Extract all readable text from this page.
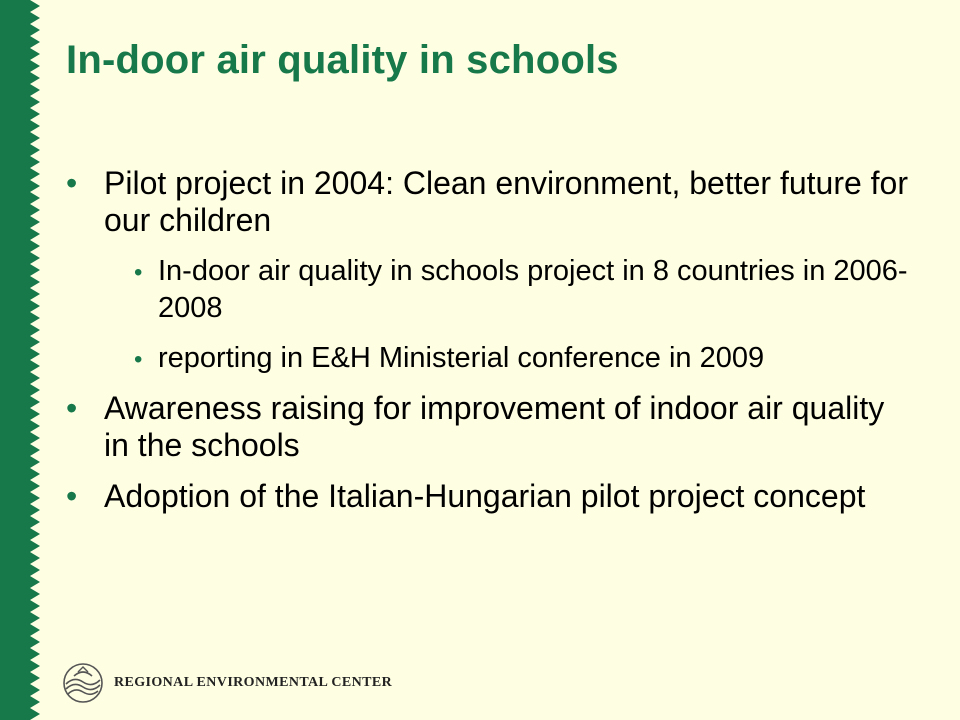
In-door air quality in schools
• Pilot project in 2004: Clean environment, better future for our children
• In-door air quality in schools project in 8 countries in 2006-2008
• reporting in E&H Ministerial conference in 2009
• Awareness raising for improvement of indoor air quality in the schools
• Adoption of the Italian-Hungarian pilot project concept
REGIONAL ENVIRONMENTAL CENTER
